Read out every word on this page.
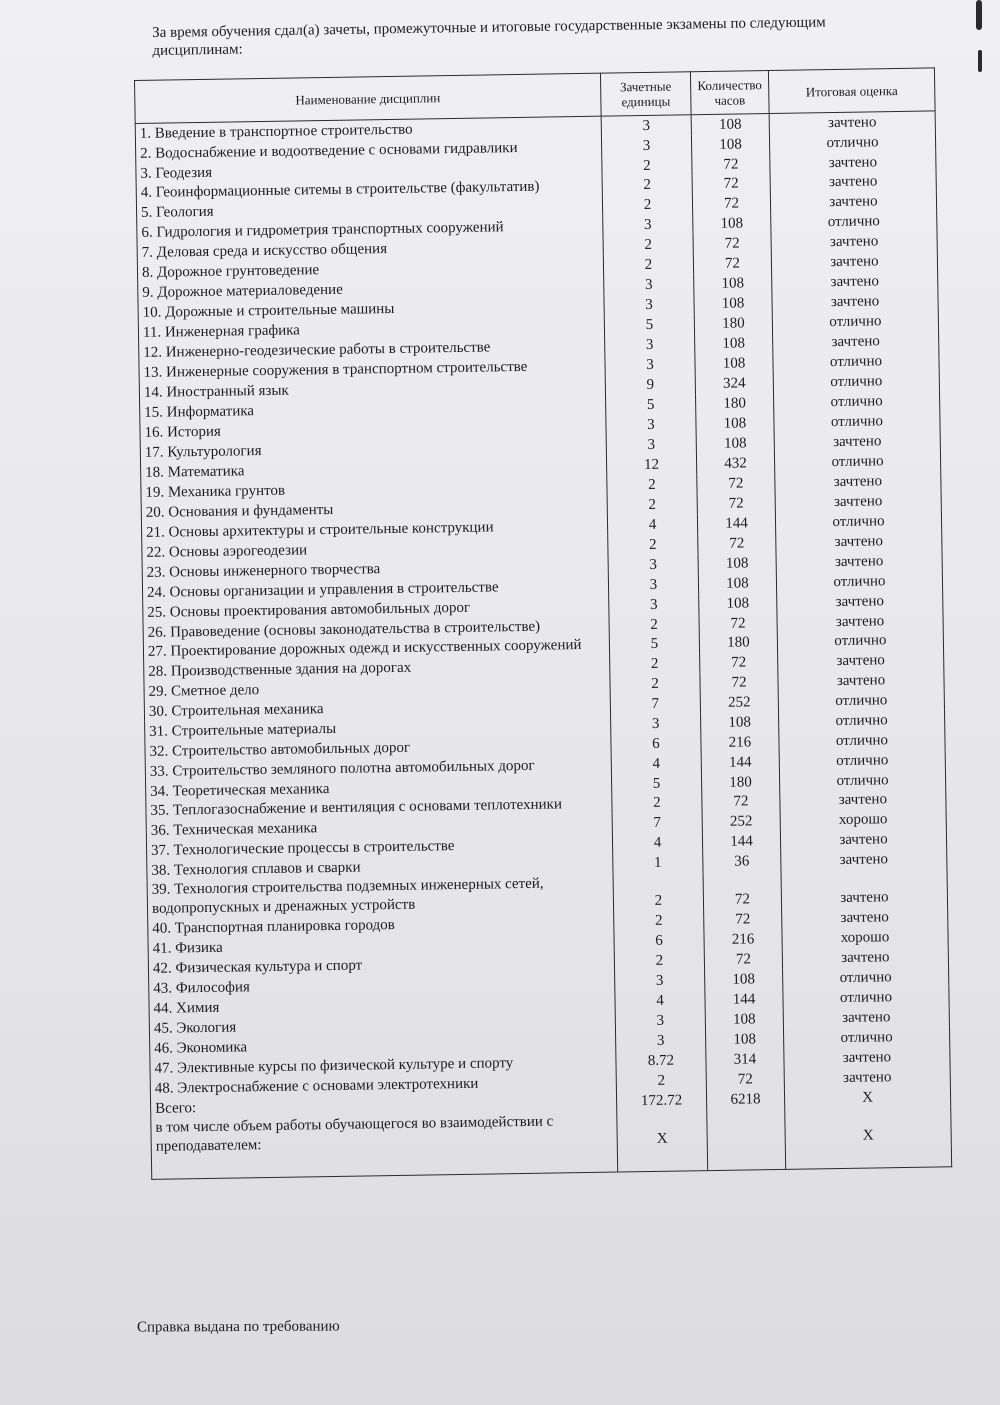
За время обучения сдал(а) зачеты, промежуточные и итоговые государственные экзамены по следующим дисциплинам:
Наименование дисциплин	Зачетные единицы	Количество часов	Итоговая оценка
1. Введение в транспортное строительство	3	108	зачтено
2. Водоснабжение и водоотведение с основами гидравлики	3	108	отлично
3. Геодезия	2	72	зачтено
4. Геоинформационные ситемы в строительстве (факультатив)	2	72	зачтено
5. Геология	2	72	зачтено
6. Гидрология и гидрометрия транспортных сооружений	3	108	отлично
7. Деловая среда и искусство общения	2	72	зачтено
8. Дорожное грунтоведение	2	72	зачтено
9. Дорожное материаловедение	3	108	зачтено
10. Дорожные и строительные машины	3	108	зачтено
11. Инженерная графика	5	180	отлично
12. Инженерно-геодезические работы в строительстве	3	108	зачтено
13. Инженерные сооружения в транспортном строительстве	3	108	отлично
14. Иностранный язык	9	324	отлично
15. Информатика	5	180	отлично
16. История	3	108	отлично
17. Культурология	3	108	зачтено
18. Математика	12	432	отлично
19. Механика грунтов	2	72	зачтено
20. Основания и фундаменты	2	72	зачтено
21. Основы архитектуры и строительные конструкции	4	144	отлично
22. Основы аэрогеодезии	2	72	зачтено
23. Основы инженерного творчества	3	108	зачтено
24. Основы организации и управления в строительстве	3	108	отлично
25. Основы проектирования автомобильных дорог	3	108	зачтено
26. Правоведение (основы законодательства в строительстве)	2	72	зачтено
27. Проектирование дорожных одежд и искусственных сооружений	5	180	отлично
28. Производственные здания на дорогах	2	72	зачтено
29. Сметное дело	2	72	зачтено
30. Строительная механика	7	252	отлично
31. Строительные материалы	3	108	отлично
32. Строительство автомобильных дорог	6	216	отлично
33. Строительство земляного полотна автомобильных дорог	4	144	отлично
34. Теоретическая механика	5	180	отлично
35. Теплогазоснабжение и вентиляция с основами теплотехники	2	72	зачтено
36. Техническая механика	7	252	хорошо
37. Технологические процессы в строительстве	4	144	зачтено
38. Технология сплавов и сварки	1	36	зачтено
39. Технология строительства подземных инженерных сетей, водопропускных и дренажных устройств	2	72	зачтено
40. Транспортная планировка городов	2	72	зачтено
41. Физика	6	216	хорошо
42. Физическая культура и спорт	2	72	зачтено
43. Философия	3	108	отлично
44. Химия	4	144	отлично
45. Экология	3	108	зачтено
46. Экономика	3	108	отлично
47. Элективные курсы по физической культуре и спорту	8.72	314	зачтено
48. Электроснабжение с основами электротехники	2	72	зачтено
Всего:	172.72	6218	X
в том числе объем работы обучающегося во взаимодействии с преподавателем:	X		X

Справка выдана по требованию
